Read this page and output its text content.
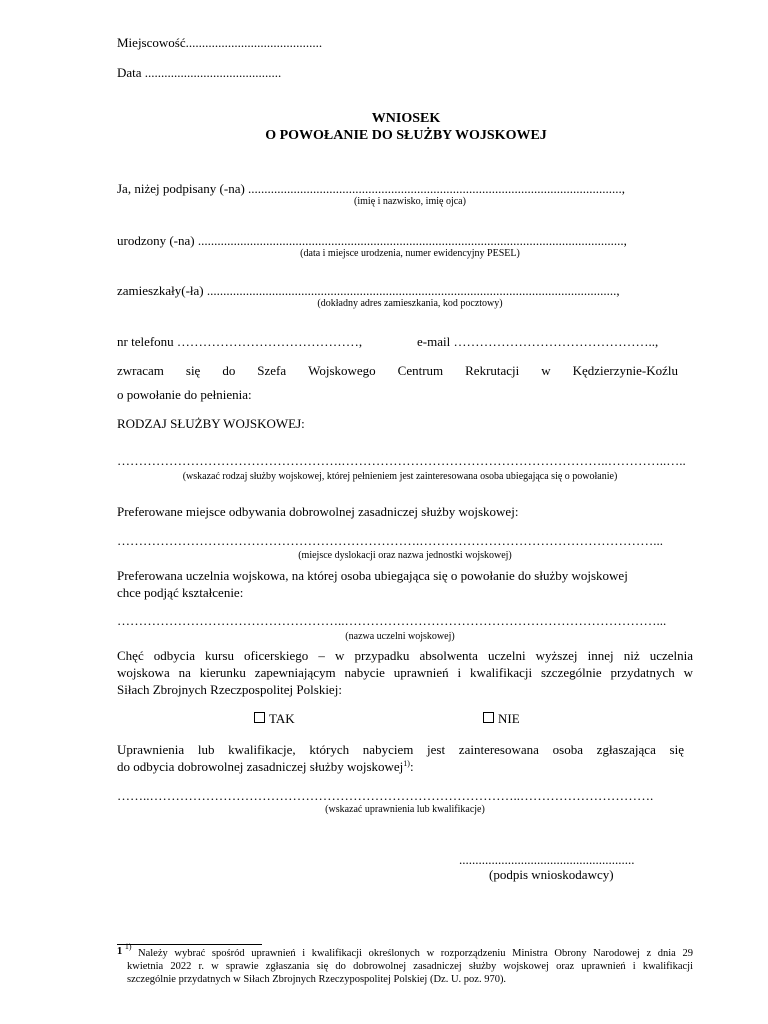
Miejscowość..........................................
Data ..........................................
WNIOSEK
O POWOŁANIE DO SŁUŻBY WOJSKOWEJ
Ja, niżej podpisany (-na) ...................................................................................................................,
(imię i nazwisko, imię ojca)
urodzony (-na) ...................................................................................................................................,
(data i miejsce urodzenia, numer ewidencyjny PESEL)
zamieszkały(-ła) ..............................................................................................................................,
(dokładny adres zamieszkania, kod pocztowy)
nr telefonu ……………………………………,	e-mail ………………………………………..,
zwracam się do Szefa Wojskowego Centrum Rekrutacji w Kędzierzynie-Koźlu
o powołanie do pełnienia:
RODZAJ SŁUŻBY WOJSKOWEJ:
…………………………………………….……………………………………………………..…………..…..
(wskazać rodzaj służby wojskowej, której pełnieniem jest zainteresowana osoba ubiegająca się o powołanie)
Preferowane miejsce odbywania dobrowolnej zasadniczej służby wojskowej:
…………………………………………………………….………………………………………………...
(miejsce dyslokacji oraz nazwa jednostki wojskowej)
Preferowana uczelnia wojskowa, na której osoba ubiegająca się o powołanie do służby wojskowej
chce podjąć kształcenie:
……………………………………………..………………………………………………………………...
(nazwa uczelni wojskowej)
Chęć odbycia kursu oficerskiego – w przypadku absolwenta uczelni wyższej innej niż uczelnia
wojskowa na kierunku zapewniającym nabycie uprawnień i kwalifikacji szczególnie przydatnych w
Siłach Zbrojnych Rzeczpospolitej Polskiej:
TAK	NIE
Uprawnienia lub kwalifikacje, których nabyciem jest zainteresowana osoba zgłaszająca się
do odbycia dobrowolnej zasadniczej służby wojskowej$^{1)}$:
……..…………………………………………………………………………..………………………….
(wskazać uprawnienia lub kwalifikacje)
......................................................
(podpis wnioskodawcy)
1 $^{1)}$
Należy wybrać spośród uprawnień i kwalifikacji określonych w rozporządzeniu Ministra Obrony Narodowej z dnia 29
kwietnia 2022 r. w sprawie zgłaszania się do dobrowolnej zasadniczej służby wojskowej oraz uprawnień i kwalifikacji
szczególnie przydatnych w Siłach Zbrojnych Rzeczypospolitej Polskiej (Dz. U. poz. 970).
